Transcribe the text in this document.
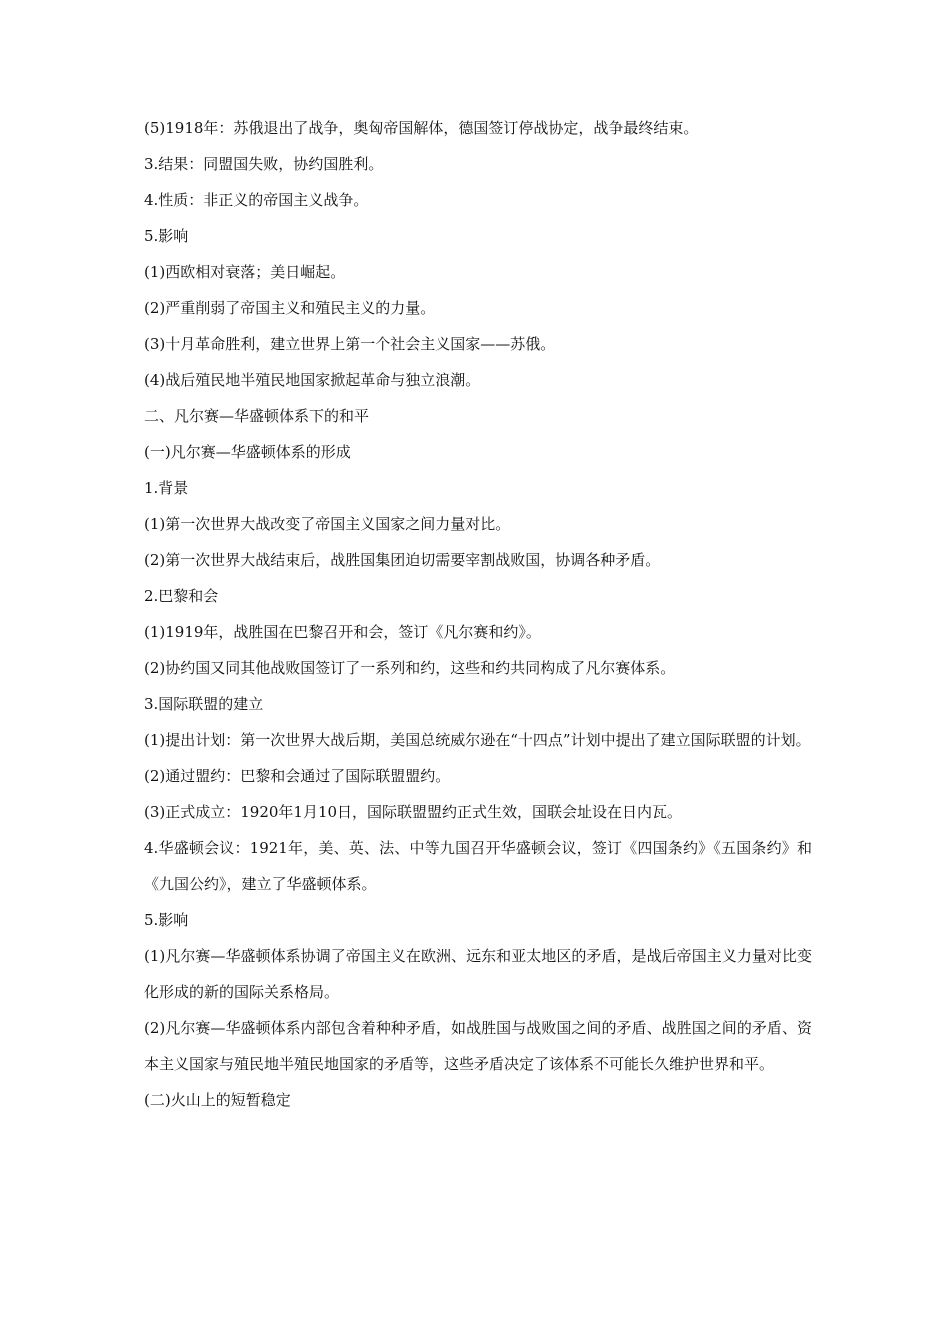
(5)1918年：苏俄退出了战争，奥匈帝国解体，德国签订停战协定，战争最终结束。
3.结果：同盟国失败，协约国胜利。
4.性质：非正义的帝国主义战争。
5.影响
(1)西欧相对衰落；美日崛起。
(2)严重削弱了帝国主义和殖民主义的力量。
(3)十月革命胜利，建立世界上第一个社会主义国家——苏俄。
(4)战后殖民地半殖民地国家掀起革命与独立浪潮。
二、凡尔赛—华盛顿体系下的和平
(一)凡尔赛—华盛顿体系的形成
1.背景
(1)第一次世界大战改变了帝国主义国家之间力量对比。
(2)第一次世界大战结束后，战胜国集团迫切需要宰割战败国，协调各种矛盾。
2.巴黎和会
(1)1919年，战胜国在巴黎召开和会，签订《凡尔赛和约》。
(2)协约国又同其他战败国签订了一系列和约，这些和约共同构成了凡尔赛体系。
3.国际联盟的建立
(1)提出计划：第一次世界大战后期，美国总统威尔逊在“十四点”计划中提出了建立国际联盟的计划。
(2)通过盟约：巴黎和会通过了国际联盟盟约。
(3)正式成立：1920年1月10日，国际联盟盟约正式生效，国联会址设在日内瓦。
4.华盛顿会议：1921年，美、英、法、中等九国召开华盛顿会议，签订《四国条约》《五国条约》和《九国公约》，建立了华盛顿体系。
5.影响
(1)凡尔赛—华盛顿体系协调了帝国主义在欧洲、远东和亚太地区的矛盾，是战后帝国主义力量对比变化形成的新的国际关系格局。
(2)凡尔赛—华盛顿体系内部包含着种种矛盾，如战胜国与战败国之间的矛盾、战胜国之间的矛盾、资本主义国家与殖民地半殖民地国家的矛盾等，这些矛盾决定了该体系不可能长久维护世界和平。
(二)火山上的短暂稳定
